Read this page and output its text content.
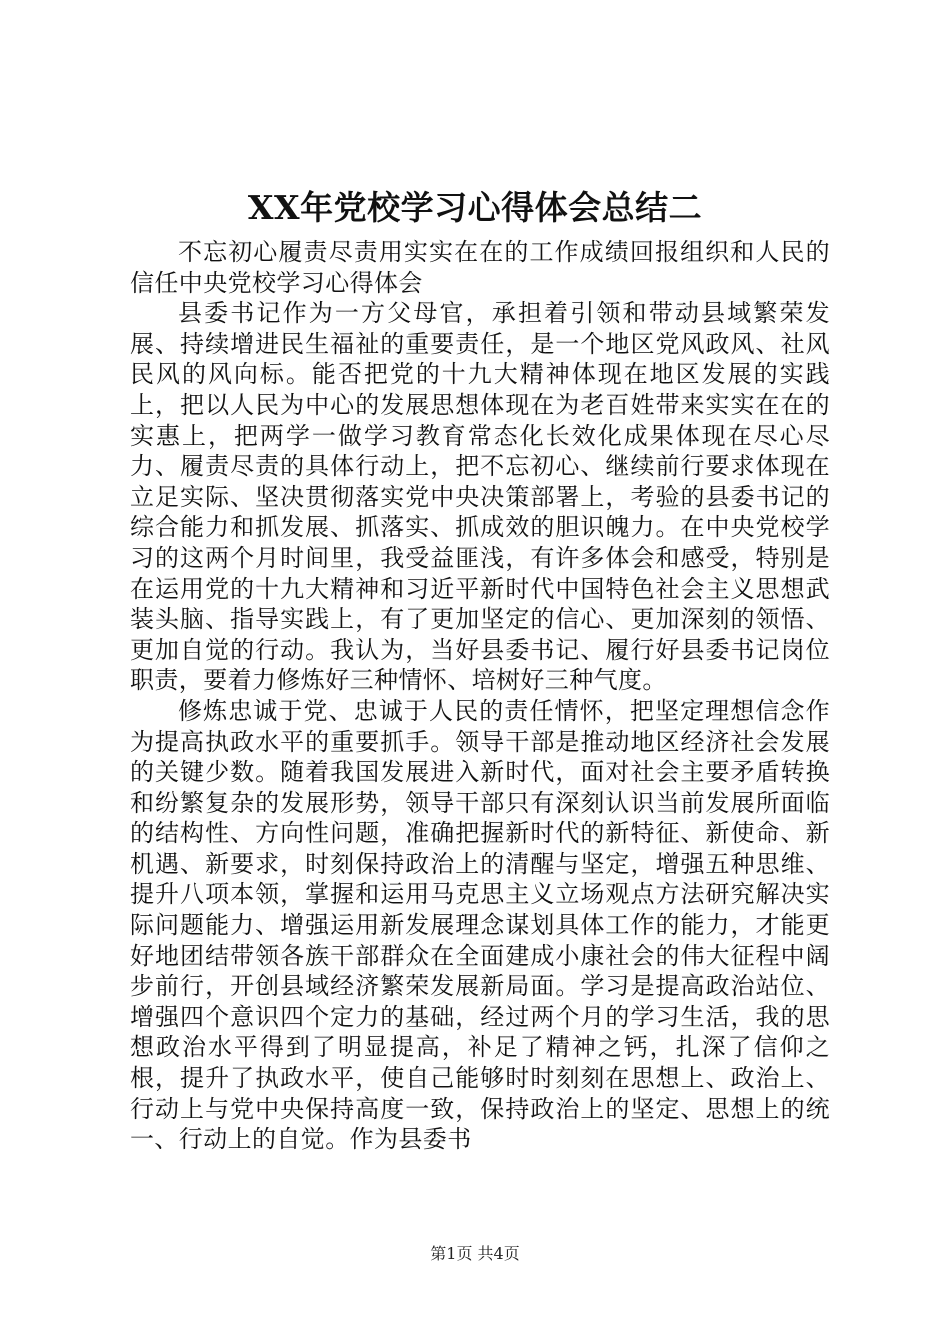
XX年党校学习心得体会总结二

不忘初心履责尽责用实实在在的工作成绩回报组织和人民的信任中央党校学习心得体会

县委书记作为一方父母官，承担着引领和带动县域繁荣发展、持续增进民生福祉的重要责任，是一个地区党风政风、社风民风的风向标。能否把党的十九大精神体现在地区发展的实践上，把以人民为中心的发展思想体现在为老百姓带来实实在在的实惠上，把两学一做学习教育常态化长效化成果体现在尽心尽力、履责尽责的具体行动上，把不忘初心、继续前行要求体现在立足实际、坚决贯彻落实党中央决策部署上，考验的县委书记的综合能力和抓发展、抓落实、抓成效的胆识魄力。在中央党校学习的这两个月时间里，我受益匪浅，有许多体会和感受，特别是在运用党的十九大精神和习近平新时代中国特色社会主义思想武装头脑、指导实践上，有了更加坚定的信心、更加深刻的领悟、更加自觉的行动。我认为，当好县委书记、履行好县委书记岗位职责，要着力修炼好三种情怀、培树好三种气度。

修炼忠诚于党、忠诚于人民的责任情怀，把坚定理想信念作为提高执政水平的重要抓手。领导干部是推动地区经济社会发展的关键少数。随着我国发展进入新时代，面对社会主要矛盾转换和纷繁复杂的发展形势，领导干部只有深刻认识当前发展所面临的结构性、方向性问题，准确把握新时代的新特征、新使命、新机遇、新要求，时刻保持政治上的清醒与坚定，增强五种思维、提升八项本领，掌握和运用马克思主义立场观点方法研究解决实际问题能力、增强运用新发展理念谋划具体工作的能力，才能更好地团结带领各族干部群众在全面建成小康社会的伟大征程中阔步前行，开创县域经济繁荣发展新局面。学习是提高政治站位、增强四个意识四个定力的基础，经过两个月的学习生活，我的思想政治水平得到了明显提高，补足了精神之钙，扎深了信仰之根，提升了执政水平，使自己能够时时刻刻在思想上、政治上、行动上与党中央保持高度一致，保持政治上的坚定、思想上的统一、行动上的自觉。作为县委书

第1页 共4页
